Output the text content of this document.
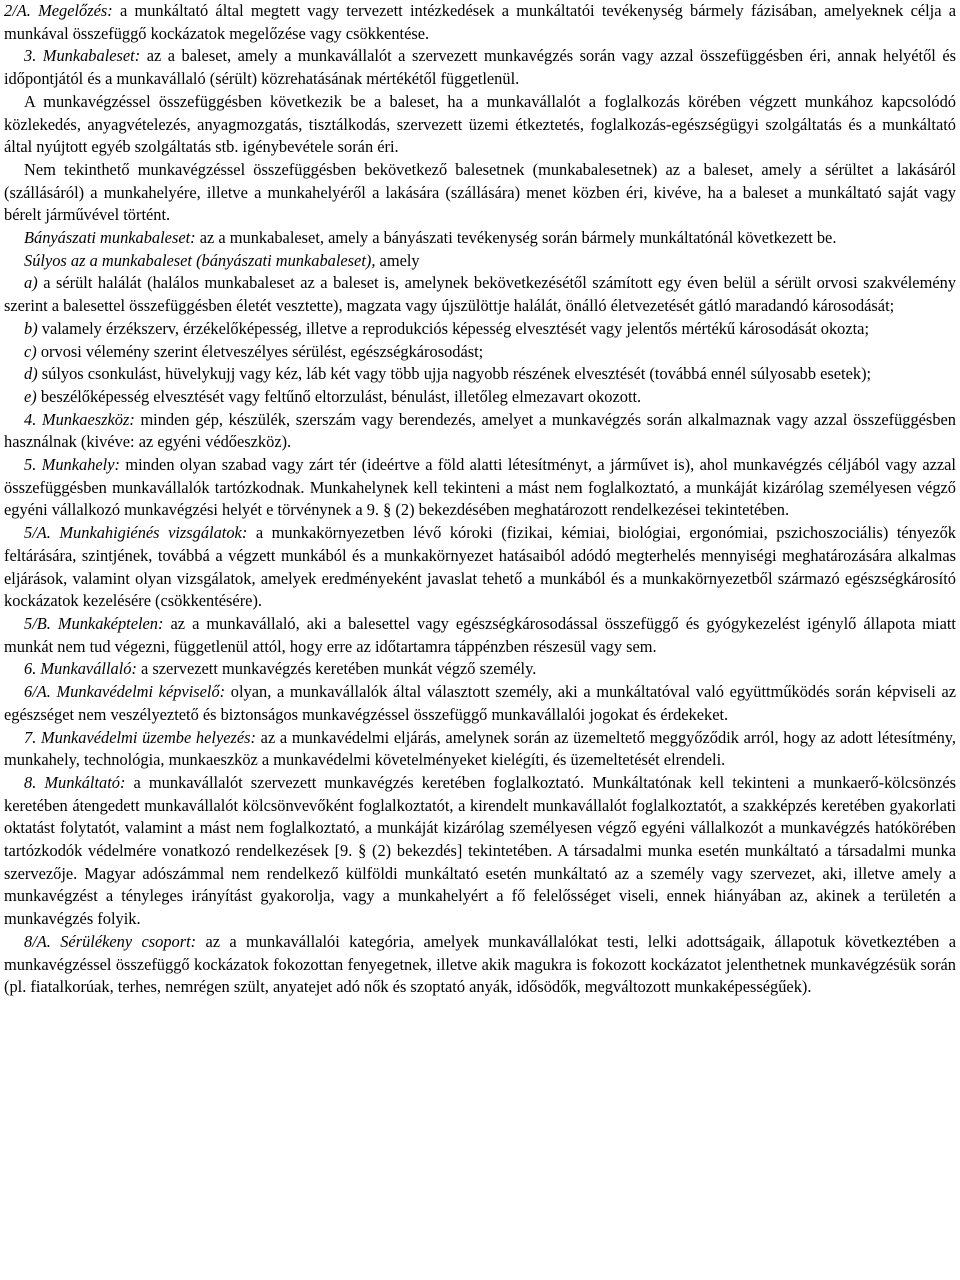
2/A. Megelőzés: a munkáltató által megtett vagy tervezett intézkedések a munkáltatói tevékenység bármely fázisában, amelyeknek célja a munkával összefüggő kockázatok megelőzése vagy csökkentése.

3. Munkabaleset: az a baleset, amely a munkavállalót a szervezett munkavégzés során vagy azzal összefüggésben éri, annak helyétől és időpontjától és a munkavállaló (sérült) közrehatásának mértékétől függetlenül.

A munkavégzéssel összefüggésben következik be a baleset, ha a munkavállalót a foglalkozás körében végzett munkához kapcsolódó közlekedés, anyagvételezés, anyagmozgatás, tisztálkodás, szervezett üzemi étkeztetés, foglalkozás-egészségügyi szolgáltatás és a munkáltató által nyújtott egyéb szolgáltatás stb. igénybevétele során éri.

Nem tekinthető munkavégzéssel összefüggésben bekövetkező balesetnek (munkabalesetnek) az a baleset, amely a sérültet a lakásáról (szállásáról) a munkahelyére, illetve a munkahelyéről a lakására (szállására) menet közben éri, kivéve, ha a baleset a munkáltató saját vagy bérelt járművével történt.

Bányászati munkabaleset: az a munkabaleset, amely a bányászati tevékenység során bármely munkáltatónál következett be.

Súlyos az a munkabaleset (bányászati munkabaleset), amely

a) a sérült halálát (halálos munkabaleset az a baleset is, amelynek bekövetkezésétől számított egy éven belül a sérült orvosi szakvélemény szerint a balesettel összefüggésben életét vesztette), magzata vagy újszülöttje halálát, önálló életvezetését gátló maradandó károsodását;

b) valamely érzékszerv, érzékelőképesség, illetve a reprodukciós képesség elvesztését vagy jelentős mértékű károsodását okozta;

c) orvosi vélemény szerint életveszélyes sérülést, egészségkárosodást;

d) súlyos csonkulást, hüvelykujj vagy kéz, láb két vagy több ujja nagyobb részének elvesztését (továbbá ennél súlyosabb esetek);

e) beszélőképesség elvesztését vagy feltűnő eltorzulást, bénulást, illetőleg elmezavart okozott.

4. Munkaeszköz: minden gép, készülék, szerszám vagy berendezés, amelyet a munkavégzés során alkalmaznak vagy azzal összefüggésben használnak (kivéve: az egyéni védőeszköz).

5. Munkahely: minden olyan szabad vagy zárt tér (ideértve a föld alatti létesítményt, a járművet is), ahol munkavégzés céljából vagy azzal összefüggésben munkavállalók tartózkodnak. Munkahelynek kell tekinteni a mást nem foglalkoztató, a munkáját kizárólag személyesen végző egyéni vállalkozó munkavégzési helyét e törvénynek a 9. § (2) bekezdésében meghatározott rendelkezései tekintetében.

5/A. Munkahigiénés vizsgálatok: a munkakörnyezetben lévő kóroki (fizikai, kémiai, biológiai, ergonómiai, pszichoszociális) tényezők feltárására, szintjének, továbbá a végzett munkából és a munkakörnyezet hatásaiból adódó megterhelés mennyiségi meghatározására alkalmas eljárások, valamint olyan vizsgálatok, amelyek eredményeként javaslat tehető a munkából és a munkakörnyezetből származó egészségkárosító kockázatok kezelésére (csökkentésére).

5/B. Munkaképtelen: az a munkavállaló, aki a balesettel vagy egészségkárosodással összefüggő és gyógykezelést igénylő állapota miatt munkát nem tud végezni, függetlenül attól, hogy erre az időtartamra táppénzben részesül vagy sem.

6. Munkavállaló: a szervezett munkavégzés keretében munkát végző személy.

6/A. Munkavédelmi képviselő: olyan, a munkavállalók által választott személy, aki a munkáltatóval való együttműködés során képviseli az egészséget nem veszélyeztető és biztonságos munkavégzéssel összefüggő munkavállalói jogokat és érdekeket.

7. Munkavédelmi üzembe helyezés: az a munkavédelmi eljárás, amelynek során az üzemeltető meggyőződik arról, hogy az adott létesítmény, munkahely, technológia, munkaeszköz a munkavédelmi követelményeket kielégíti, és üzemeltetését elrendeli.

8. Munkáltató: a munkavállalót szervezett munkavégzés keretében foglalkoztató. Munkáltatónak kell tekinteni a munkaerő-kölcsönzés keretében átengedett munkavállalót kölcsönvevőként foglalkoztatót, a kirendelt munkavállalót foglalkoztatót, a szakképzés keretében gyakorlati oktatást folytatót, valamint a mást nem foglalkoztató, a munkáját kizárólag személyesen végző egyéni vállalkozót a munkavégzés hatókörében tartózkodók védelmére vonatkozó rendelkezések [9. § (2) bekezdés] tekintetében. A társadalmi munka esetén munkáltató a társadalmi munka szervezője. Magyar adószámmal nem rendelkező külföldi munkáltató esetén munkáltató az a személy vagy szervezet, aki, illetve amely a munkavégzést a tényleges irányítást gyakorolja, vagy a munkahelyért a fő felelősséget viseli, ennek hiányában az, akinek a területén a munkavégzés folyik.

8/A. Sérülékeny csoport: az a munkavállalói kategória, amelyek munkavállalókat testi, lelki adottságaik, állapotuk következtében a munkavégzéssel összefüggő kockázatok fokozottan fenyegetnek, illetve akik magukra is fokozott kockázatot jelenthetnek munkavégzésük során (pl. fiatalkorúak, terhes, nemrégen szült, anyatejet adó nők és szoptató anyák, idősödők, megváltozott munkaképességűek).
